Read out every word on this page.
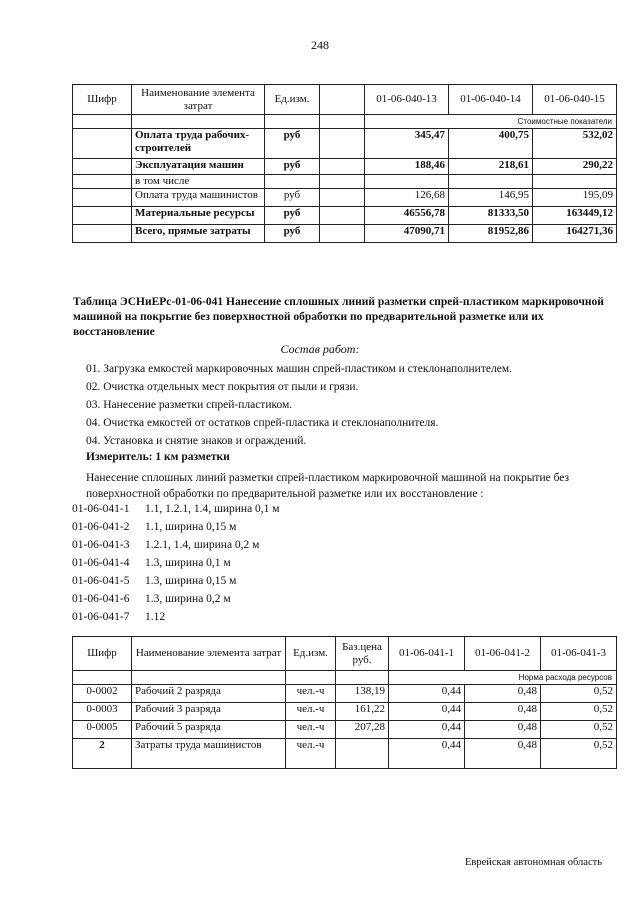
248
Шифр	Наименование элемента затрат	Ед.изм.		01-06-040-13	01-06-040-14	01-06-040-15
				Стоимостные показатели		
	Оплата труда рабочих-строителей	руб		345,47	400,75	532,02
	Эксплуатация машин	руб		188,46	218,61	290,22
	в том числе					
	Оплата труда машинистов	руб		126,68	146,95	195,09
	Материальные ресурсы	руб		46556,78	81333,50	163449,12
	Всего, прямые затраты	руб		47090,71	81952,86	164271,36
Таблица ЭСНиЕРс-01-06-041 Нанесение сплошных линий разметки спрей-пластиком маркировочной машиной на покрытие без поверхностной обработки по предварительной разметке или их восстановление
Состав работ:
01. Загрузка емкостей маркировочных машин спрей-пластиком и стеклонаполнителем.
02. Очистка отдельных мест покрытия от пыли и грязи.
03. Нанесение разметки спрей-пластиком.
04. Очистка емкостей от остатков спрей-пластика и стеклонаполнителя.
04. Установка и снятие знаков и ограждений.
Измеритель: 1 км разметки

Нанесение сплошных линий разметки спрей-пластиком маркировочной машиной на покрытие без поверхностной обработки по предварительной разметке или их восстановление :

01-06-041-1	1.1, 1.2.1, 1.4, ширина 0,1 м
01-06-041-2	1.1, ширина 0,15 м
01-06-041-3	1.2.1, 1.4, ширина 0,2 м
01-06-041-4	1.3, ширина 0,1 м
01-06-041-5	1.3, ширина 0,15 м
01-06-041-6	1.3, ширина 0,2 м
01-06-041-7	1.12
Шифр	Наименование элемента затрат	Ед.изм.	Баз.цена руб.	01-06-041-1	01-06-041-2	01-06-041-3
				Норма расхода ресурсов		
0-0002	Рабочий 2 разряда	чел.-ч	138,19	0,44	0,48	0,52
0-0003	Рабочий 3 разряда	чел.-ч	161,22	0,44	0,48	0,52
0-0005	Рабочий 5 разряда	чел.-ч	207,28	0,44	0,48	0,52
2	Затраты труда машинистов	чел.-ч		0,44	0,48	0,52
Еврейская автономная область
